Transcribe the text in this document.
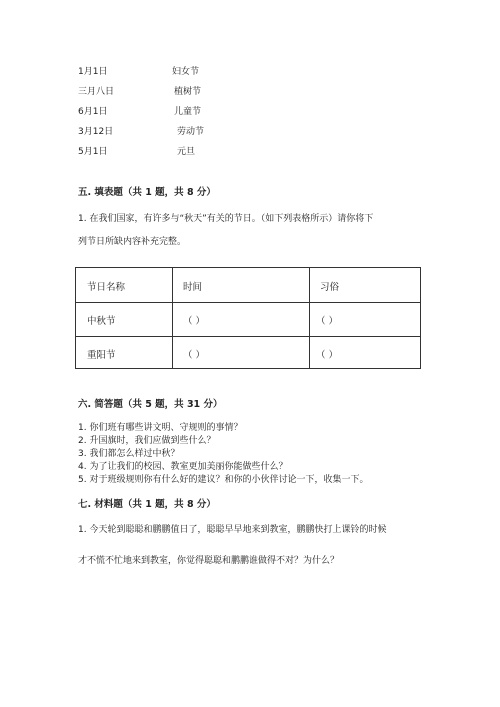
1月1日	妇女节
三月八日	植树节
6月1日	儿童节
3月12日	劳动节
5月1日	元旦
五. 填表题（共 1 题，共 8 分）
1. 在我们国家，有许多与“秋天”有关的节日。（如下列表格所示）请你将下
列节日所缺内容补充完整。
节日名称	时间	习俗
中秋节	（ ）	（ ）
重阳节	（ ）	（ ）
六. 简答题（共 5 题，共 31 分）
1. 你们班有哪些讲文明、守规则的事情？
2. 升国旗时，我们应做到些什么？
3. 我们都怎么样过中秋？
4. 为了让我们的校园、教室更加美丽你能做些什么？
5. 对于班级规则你有什么好的建议？和你的小伙伴讨论一下，收集一下。
七. 材料题（共 1 题，共 8 分）
1. 今天轮到聪聪和鹏鹏值日了，聪聪早早地来到教室，鹏鹏快打上课铃的时候
才不慌不忙地来到教室，你觉得聪聪和鹏鹏谁做得不对？为什么？
